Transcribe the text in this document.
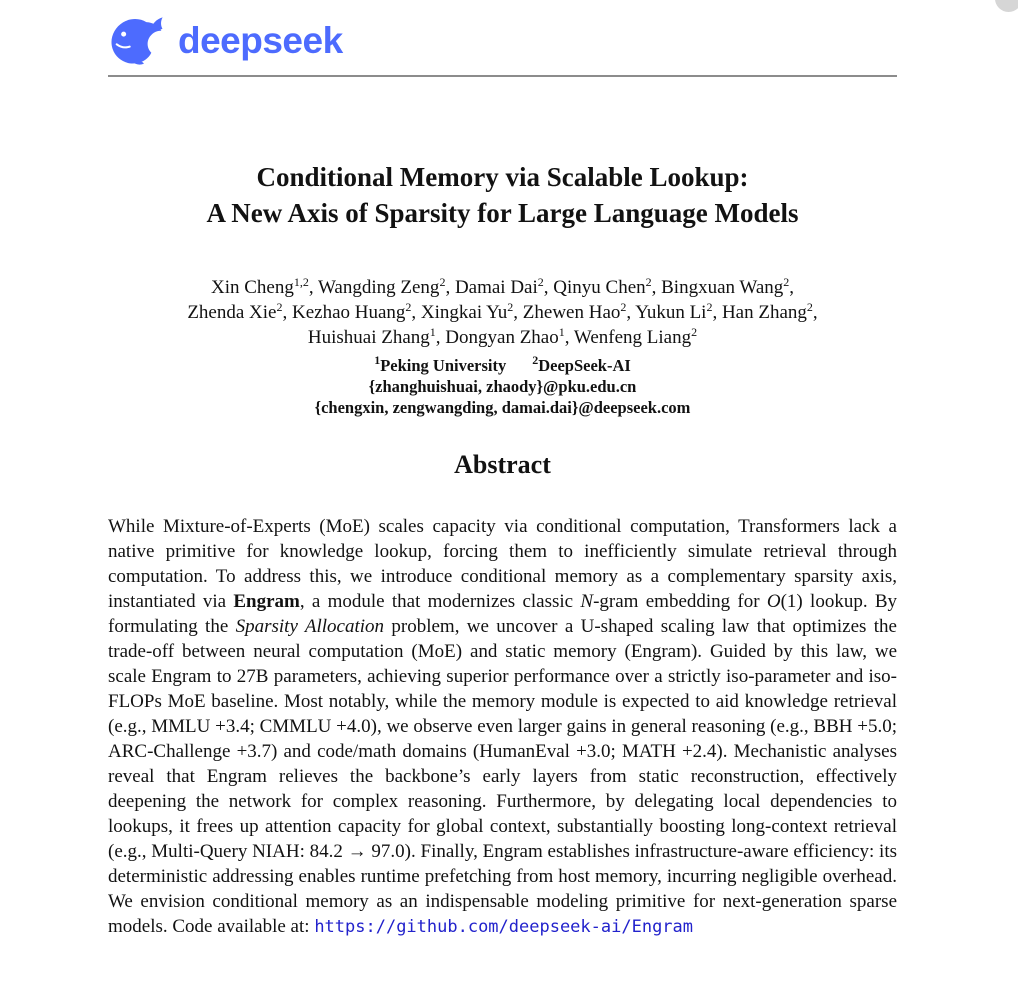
deepseek
Conditional Memory via Scalable Lookup:
A New Axis of Sparsity for Large Language Models
Xin Cheng$^{1,2}$, Wangding Zeng$^2$, Damai Dai$^2$, Qinyu Chen$^2$, Bingxuan Wang$^2$,
Zhenda Xie$^2$, Kezhao Huang$^2$, Xingkai Yu$^2$, Zhewen Hao$^2$, Yukun Li$^2$, Han Zhang$^2$,
Huishuai Zhang$^1$, Dongyan Zhao$^1$, Wenfeng Liang$^2$
$^1$Peking University $^2$DeepSeek-AI
{zhanghuishuai, zhaody}@pku.edu.cn
{chengxin, zengwangding, damai.dai}@deepseek.com
Abstract

While Mixture-of-Experts (MoE) scales capacity via conditional computation, Transformers lack a native primitive for knowledge lookup, forcing them to inefficiently simulate retrieval through computation. To address this, we introduce conditional memory as a complementary sparsity axis, instantiated via Engram, a module that modernizes classic N-gram embedding for O(1) lookup. By formulating the Sparsity Allocation problem, we uncover a U-shaped scaling law that optimizes the trade-off between neural computation (MoE) and static memory (Engram). Guided by this law, we scale Engram to 27B parameters, achieving superior performance over a strictly iso-parameter and iso-FLOPs MoE baseline. Most notably, while the memory module is expected to aid knowledge retrieval (e.g., MMLU +3.4; CMMLU +4.0), we observe even larger gains in general reasoning (e.g., BBH +5.0; ARC-Challenge +3.7) and code/math domains (HumanEval +3.0; MATH +2.4). Mechanistic analyses reveal that Engram relieves the backbone’s early layers from static reconstruction, effectively deepening the network for complex reasoning. Furthermore, by delegating local dependencies to lookups, it frees up attention capacity for global context, substantially boosting long-context retrieval (e.g., Multi-Query NIAH: 84.2 → 97.0). Finally, Engram establishes infrastructure-aware efficiency: its deterministic addressing enables runtime prefetching from host memory, incurring negligible overhead. We envision conditional memory as an indispensable modeling primitive for next-generation sparse models. Code available at: https://github.com/deepseek-ai/Engram
